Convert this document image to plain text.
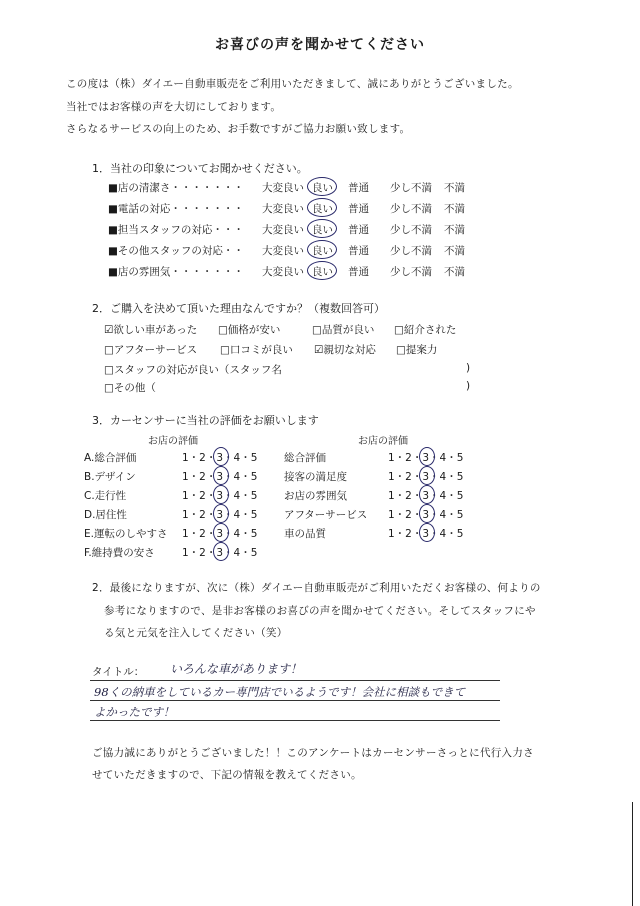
お喜びの声を聞かせてください
この度は（株）ダイエー自動車販売をご利用いただきまして、誠にありがとうございました。
当社ではお客様の声を大切にしております。
さらなるサービスの向上のため、お手数ですがご協力お願い致します。
1．当社の印象についてお聞かせください。
■店の清潔さ・・・・・・・ 大変良い 良い 普通 少し不満 不満
■電話の対応・・・・・・・ 大変良い 良い 普通 少し不満 不満
■担当スタッフの対応・・・ 大変良い 良い 普通 少し不満 不満
■その他スタッフの対応・・ 大変良い 良い 普通 少し不満 不満
■店の雰囲気・・・・・・・ 大変良い 良い 普通 少し不満 不満
2．ご購入を決めて頂いた理由なんですか？（複数回答可）
☑欲しい車があった □価格が安い	□品質が良い □紹介された
□アフターサービス □口コミが良い ☑親切な対応 □提案力
□スタッフの対応が良い（スタッフ名	)
□その他（	)
3．カーセンサーに当社の評価をお願いします
お店の評価	お店の評価
A.総合評価	1・2・3・4・5	総合評価	1・2・3・4・5
B.デザイン	1・2・3・4・5	接客の満足度	1・2・3・4・5
C.走行性	1・2・3・4・5	お店の雰囲気	1・2・3・4・5
D.居住性	1・2・3・4・5	アフターサービス 1・2・3・4・5
E.運転のしやすさ 1・2・3・4・5	車の品質	1・2・3・4・5
F.維持費の安さ	1・2・3・4・5
2．最後になりますが、次に（株）ダイエー自動車販売がご利用いただくお客様の、何よりの
参考になりますので、是非お客様のお喜びの声を聞かせてください。そしてスタッフにや
る気と元気を注入してください（笑）
タイトル： いろんな車があります！
98くの納車をしているカー専門店でいるようです！会社に相談もできて
よかったです！
ご協力誠にありがとうございました！！このアンケートはカーセンサーさっとに代行入力さ
せていただきますので、下記の情報を教えてください。
